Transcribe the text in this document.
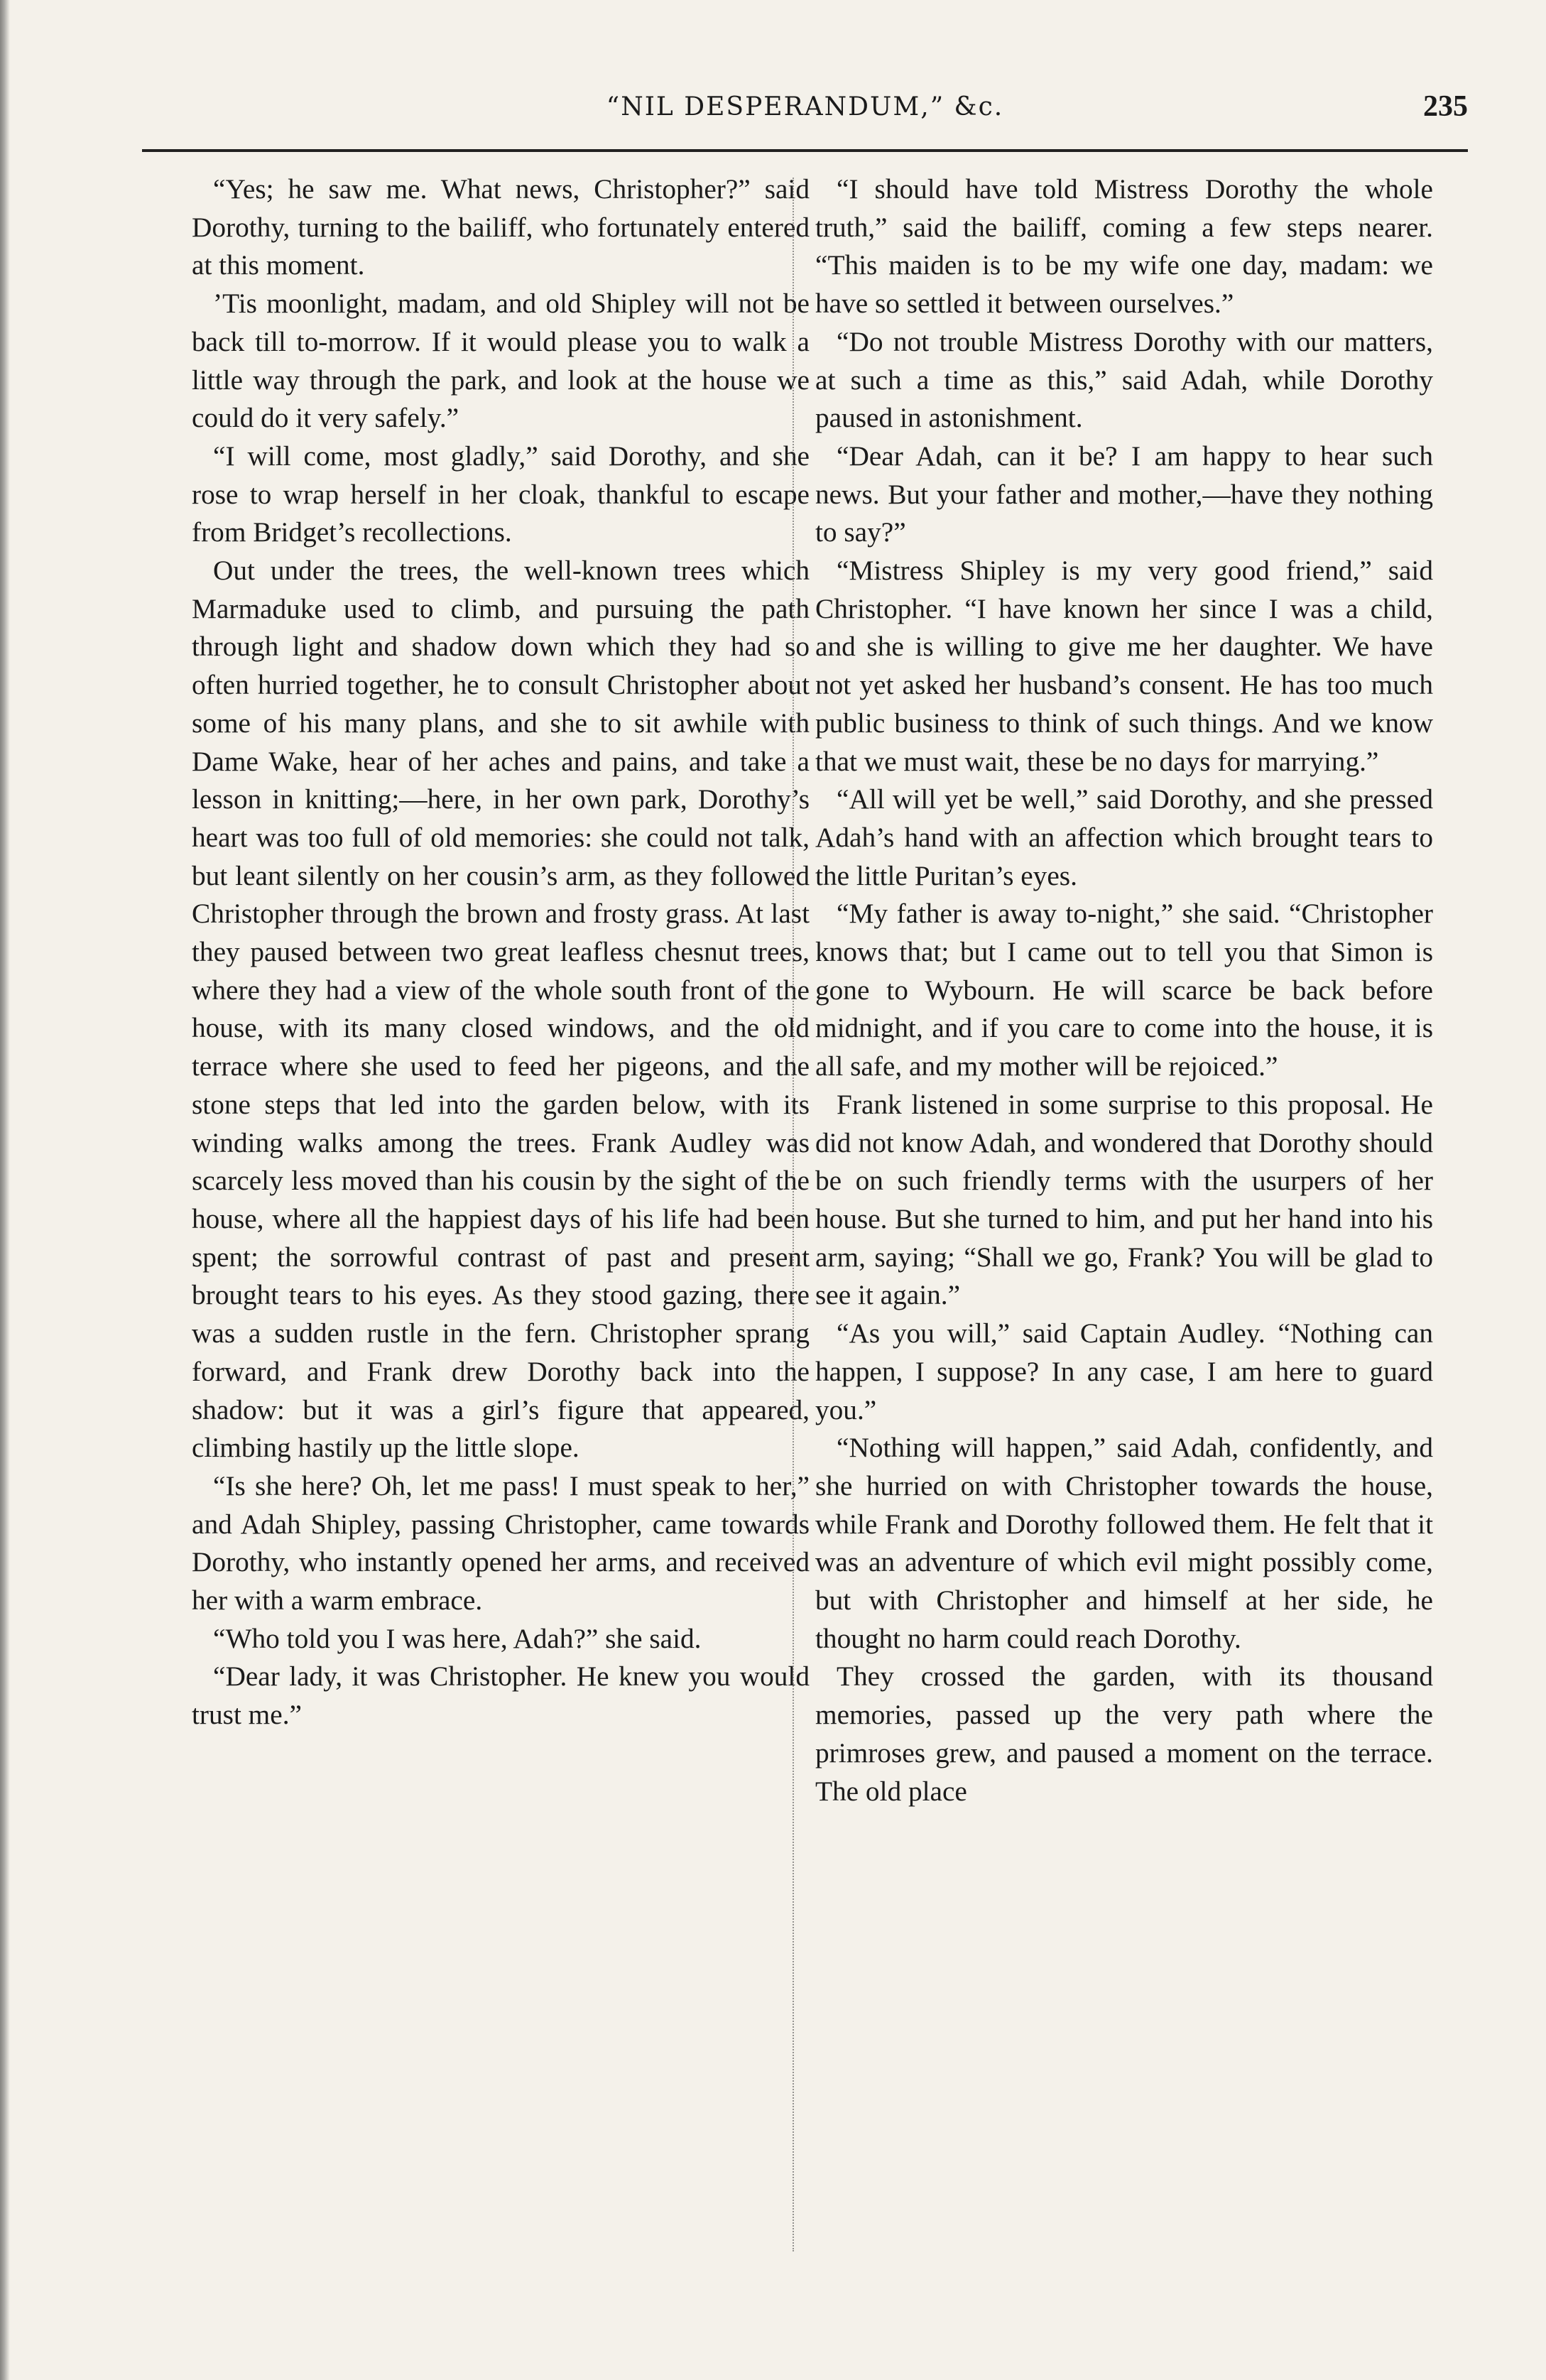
“NIL DESPERANDUM,” &c.	235

“Yes; he saw me. What news, Christopher?” said Dorothy, turning to the bailiff, who fortunately entered at this moment.

’Tis moonlight, madam, and old Shipley will not be back till to-morrow. If it would please you to walk a little way through the park, and look at the house we could do it very safely.”

“I will come, most gladly,” said Dorothy, and she rose to wrap herself in her cloak, thankful to escape from Bridget’s recollections.

Out under the trees, the well-known trees which Marmaduke used to climb, and pursuing the path through light and shadow down which they had so often hurried together, he to consult Christopher about some of his many plans, and she to sit awhile with Dame Wake, hear of her aches and pains, and take a lesson in knitting;—here, in her own park, Dorothy’s heart was too full of old memories: she could not talk, but leant silently on her cousin’s arm, as they followed Christopher through the brown and frosty grass. At last they paused between two great leafless chesnut trees, where they had a view of the whole south front of the house, with its many closed windows, and the old terrace where she used to feed her pigeons, and the stone steps that led into the garden below, with its winding walks among the trees. Frank Audley was scarcely less moved than his cousin by the sight of the house, where all the happiest days of his life had been spent; the sorrowful contrast of past and present brought tears to his eyes. As they stood gazing, there was a sudden rustle in the fern. Christopher sprang forward, and Frank drew Dorothy back into the shadow: but it was a girl’s figure that appeared, climbing hastily up the little slope.

“Is she here? Oh, let me pass! I must speak to her,” and Adah Shipley, passing Christopher, came towards Dorothy, who instantly opened her arms, and received her with a warm embrace.

“Who told you I was here, Adah?” she said.

“Dear lady, it was Christopher. He knew you would trust me.”

“I should have told Mistress Dorothy the whole truth,” said the bailiff, coming a few steps nearer. “This maiden is to be my wife one day, madam: we have so settled it between ourselves.”

“Do not trouble Mistress Dorothy with our matters, at such a time as this,” said Adah, while Dorothy paused in astonishment.

“Dear Adah, can it be? I am happy to hear such news. But your father and mother,—have they nothing to say?”

“Mistress Shipley is my very good friend,” said Christopher. “I have known her since I was a child, and she is willing to give me her daughter. We have not yet asked her husband’s consent. He has too much public business to think of such things. And we know that we must wait, these be no days for marrying.”

“All will yet be well,” said Dorothy, and she pressed Adah’s hand with an affection which brought tears to the little Puritan’s eyes.

“My father is away to-night,” she said. “Christopher knows that; but I came out to tell you that Simon is gone to Wybourn. He will scarce be back before midnight, and if you care to come into the house, it is all safe, and my mother will be rejoiced.”

Frank listened in some surprise to this proposal. He did not know Adah, and wondered that Dorothy should be on such friendly terms with the usurpers of her house. But she turned to him, and put her hand into his arm, saying; “Shall we go, Frank? You will be glad to see it again.”

“As you will,” said Captain Audley. “Nothing can happen, I suppose? In any case, I am here to guard you.”

“Nothing will happen,” said Adah, confidently, and she hurried on with Christopher towards the house, while Frank and Dorothy followed them. He felt that it was an adventure of which evil might possibly come, but with Christopher and himself at her side, he thought no harm could reach Dorothy.

They crossed the garden, with its thousand memories, passed up the very path where the primroses grew, and paused a moment on the terrace. The old place
